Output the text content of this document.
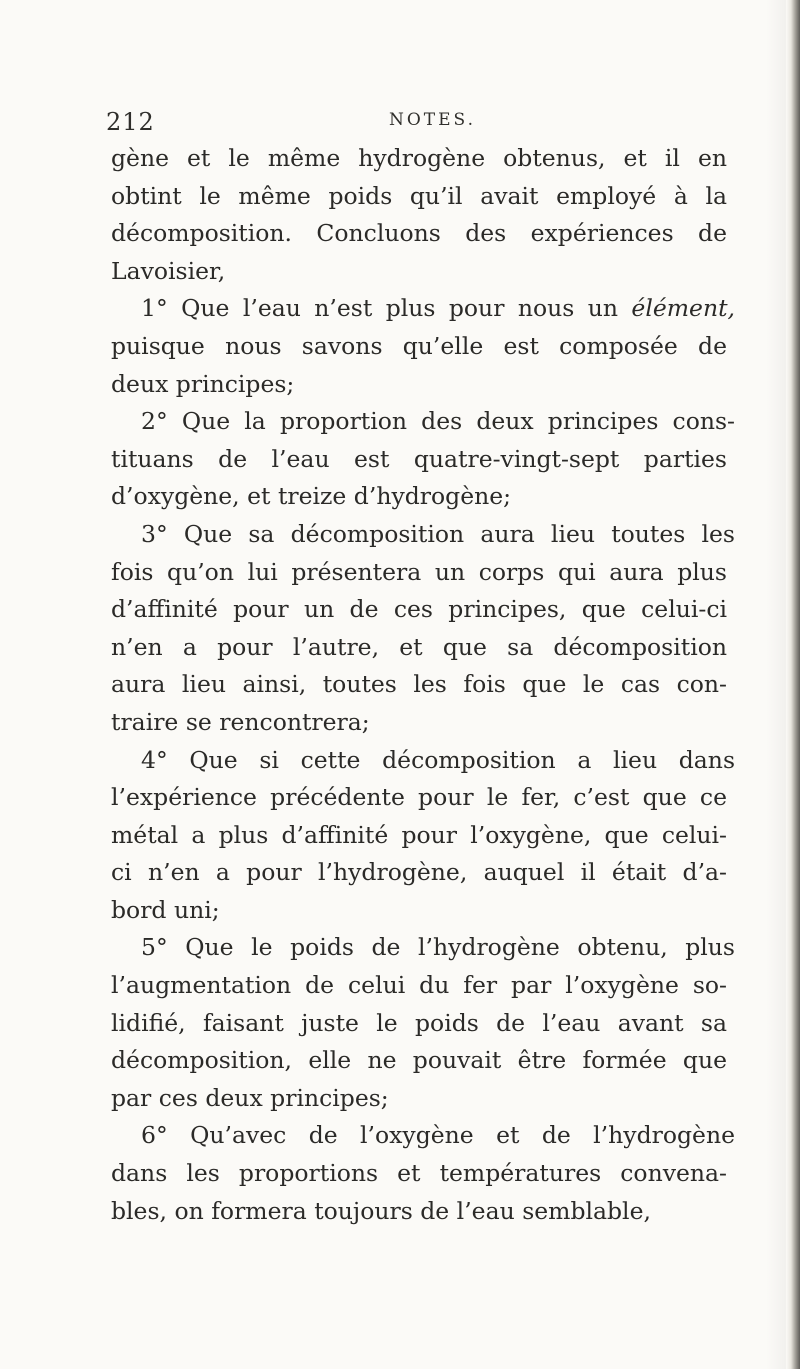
212	NOTES.
gène et le même hydrogène obtenus, et il en
obtint le même poids qu’il avait employé à la
décomposition. Concluons des expériences de
Lavoisier,
1° Que l’eau n’est plus pour nous un élément,
puisque nous savons qu’elle est composée de
deux principes;
2° Que la proportion des deux principes cons-
tituans de l’eau est quatre-vingt-sept parties
d’oxygène, et treize d’hydrogène;
3° Que sa décomposition aura lieu toutes les
fois qu’on lui présentera un corps qui aura plus
d’affinité pour un de ces principes, que celui-ci
n’en a pour l’autre, et que sa décomposition
aura lieu ainsi, toutes les fois que le cas con-
traire se rencontrera;
4° Que si cette décomposition a lieu dans
l’expérience précédente pour le fer, c’est que ce
métal a plus d’affinité pour l’oxygène, que celui-
ci n’en a pour l’hydrogène, auquel il était d’a-
bord uni;
5° Que le poids de l’hydrogène obtenu, plus
l’augmentation de celui du fer par l’oxygène so-
lidifié, faisant juste le poids de l’eau avant sa
décomposition, elle ne pouvait être formée que
par ces deux principes;
6° Qu’avec de l’oxygène et de l’hydrogène
dans les proportions et températures convena-
bles, on formera toujours de l’eau semblable,
